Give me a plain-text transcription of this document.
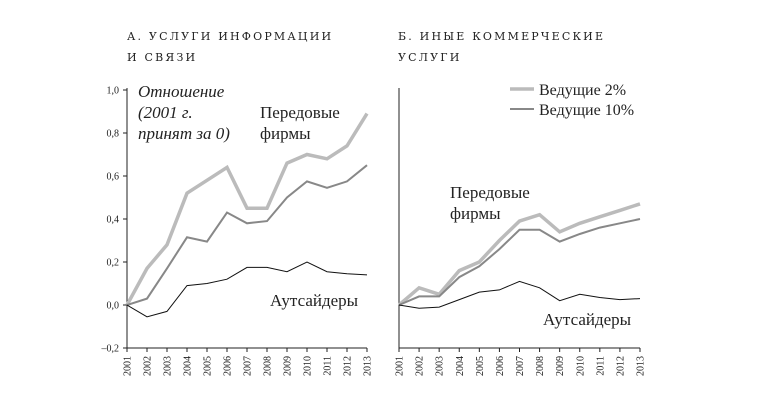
А. УСЛУГИ ИНФОРМАЦИИ
И СВЯЗИ
–0,2
0,0
0,2
0,4
0,6
0,8
1,0
2001 2002 2003 2004 2005 2006 2007 2008 2009 2010 2011 2012 2013
Отношение
(2001 г.
принят за 0)
Передовые
фирмы
Аутсайдеры
Б. ИНЫЕ КОММЕРЧЕСКИЕ
УСЛУГИ
2001 2002 2003 2004 2005 2006 2007 2008 2009 2010 2011 2012 2013
Ведущие 2%
Ведущие 10%
Передовые
фирмы
Аутсайдеры
